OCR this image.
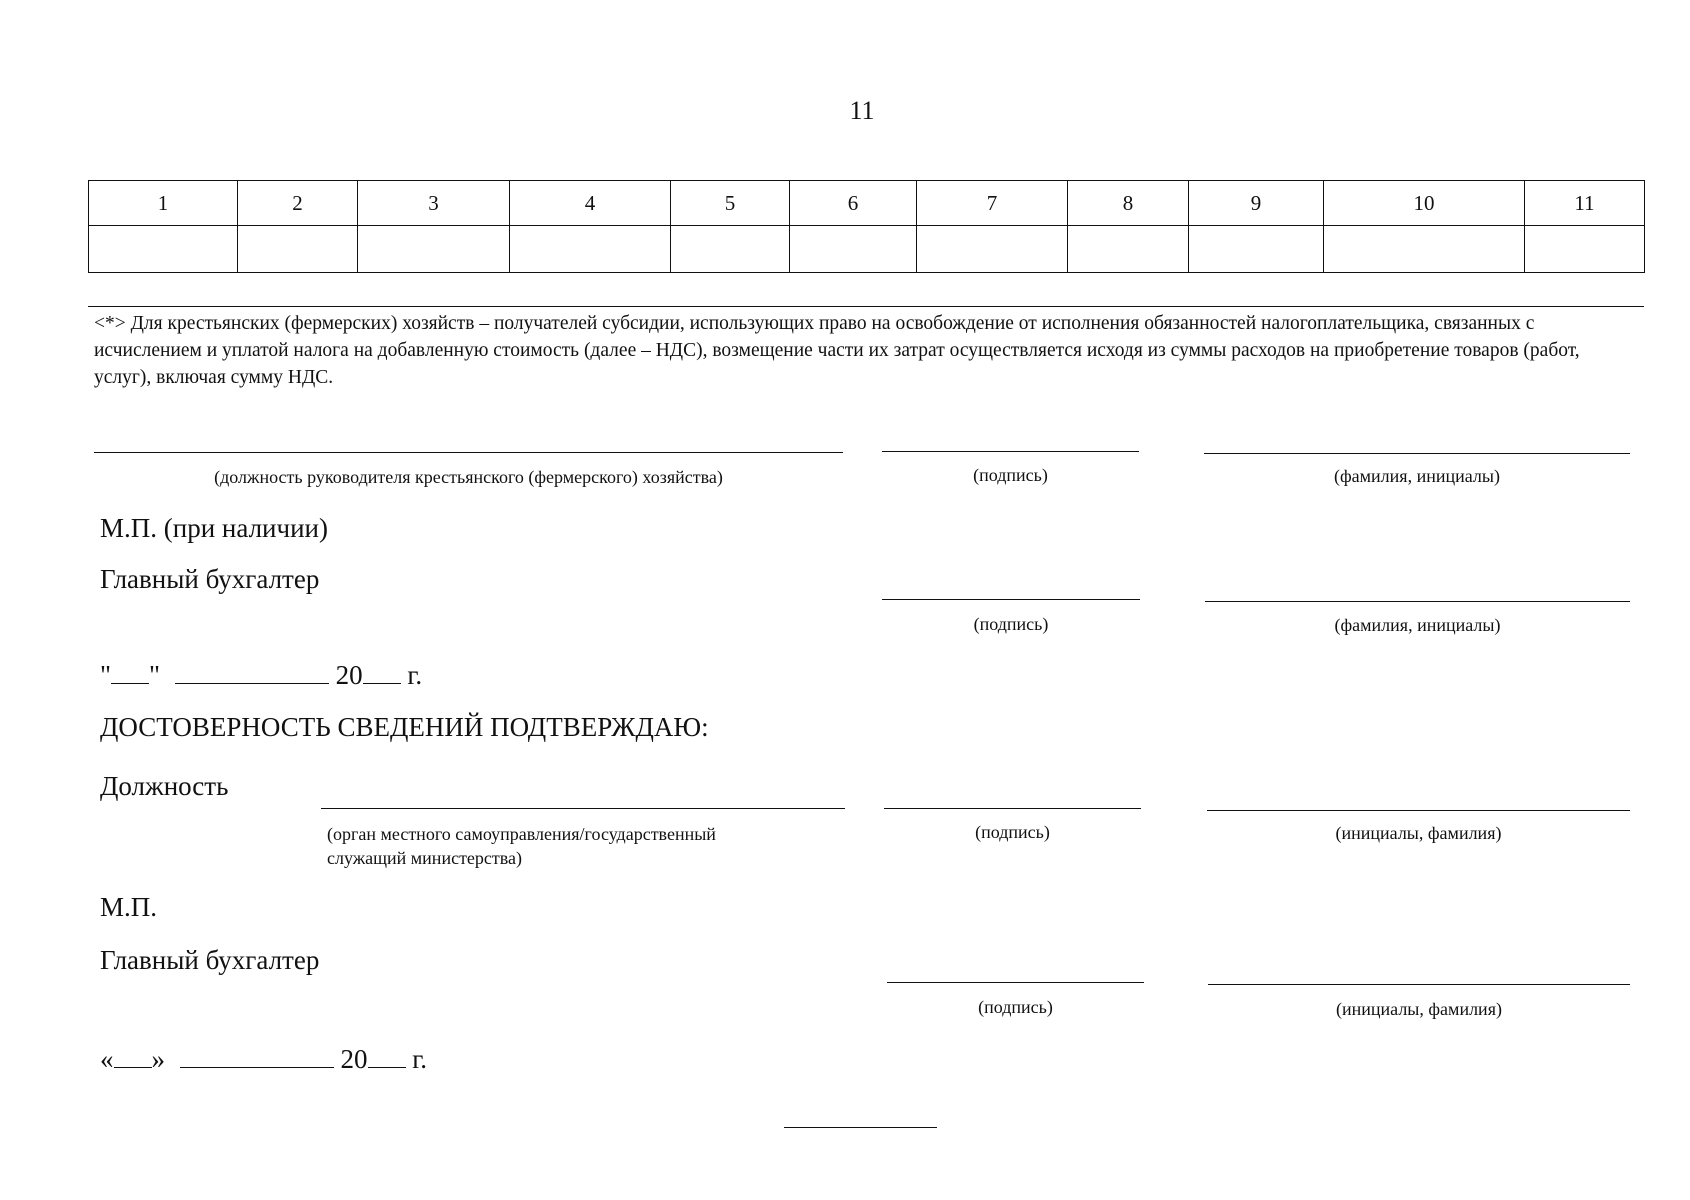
11
1	2	3	4	5	6	7	8	9	10	11

<*> Для крестьянских (фермерских) хозяйств – получателей субсидии, использующих право на освобождение от исполнения обязанностей налогоплательщика, связанных с исчислением и уплатой налога на добавленную стоимость (далее – НДС), возмещение части их затрат осуществляется исходя из суммы расходов на приобретение товаров (работ, услуг), включая сумму НДС.
(должность руководителя крестьянского (фермерского) хозяйства)	(подпись)	(фамилия, инициалы)
М.П. (при наличии)
Главный бухгалтер
(подпись)	(фамилия, инициалы)
" "	20 г.
ДОСТОВЕРНОСТЬ СВЕДЕНИЙ ПОДТВЕРЖДАЮ:
Должность
(орган местного самоуправления/государственный
служащий министерства)
(подпись)	(инициалы, фамилия)
М.П.
Главный бухгалтер
(подпись)	(инициалы, фамилия)
« »	20 г.
